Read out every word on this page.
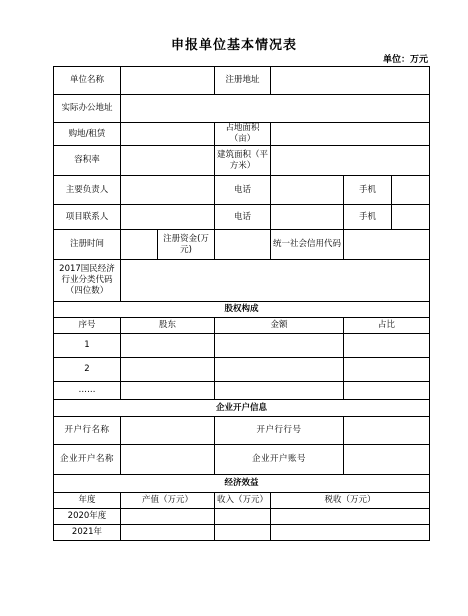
申报单位基本情况表
单位：万元
单位名称			注册地址			
实际办公地址						
购地/租赁			占地面积（亩）			
容积率			建筑面积（平方米）			
主要负责人			电话		手机	
项目联系人			电话		手机	
注册时间		注册资金(万元)		统一社会信用代码		
2017国民经济行业分类代码（四位数）						
股权构成						
序号	股东		金额		占比	
1						
2						
……						
企业开户信息						
开户行名称			开户行行号			
企业开户名称			企业开户账号			
经济效益						
年度	产值（万元）		收入（万元）	税收（万元）		
2020年度						
2021年						
